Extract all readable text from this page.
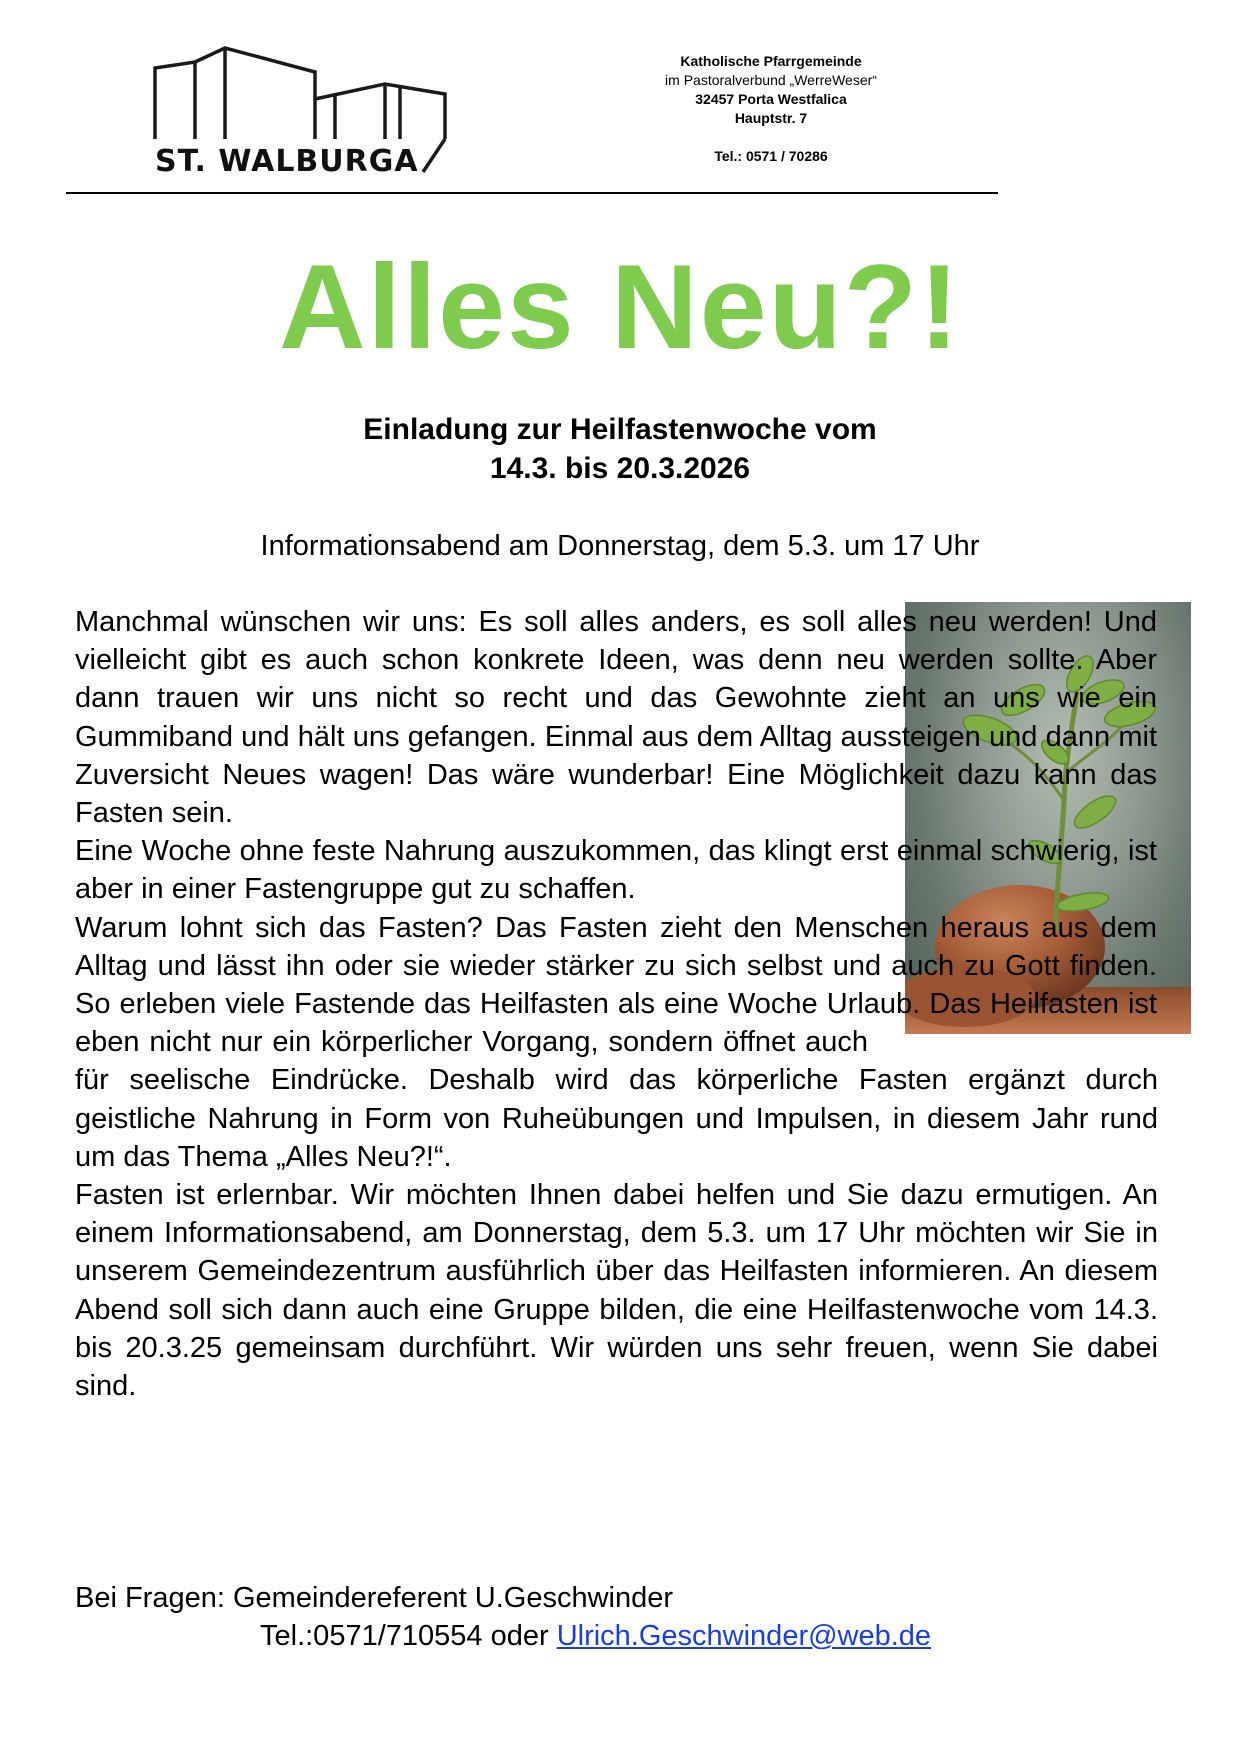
ST. WALBURGA
Katholische Pfarrgemeinde
im Pastoralverbund „WerreWeser“
32457 Porta Westfalica
Hauptstr. 7
Tel.: 0571 / 70286
Alles Neu?!
Einladung zur Heilfastenwoche vom
14.3. bis 20.3.2026
Informationsabend am Donnerstag, dem 5.3. um 17 Uhr

Manchmal wünschen wir uns: Es soll alles anders, es soll alles neu werden! Und vielleicht gibt es auch schon konkrete Ideen, was denn neu werden sollte. Aber dann trauen wir uns nicht so recht und das Gewohnte zieht an uns wie ein Gummiband und hält uns gefangen. Einmal aus dem Alltag aussteigen und dann mit Zuversicht Neues wagen! Das wäre wunderbar! Eine Möglichkeit dazu kann das Fasten sein.

Eine Woche ohne feste Nahrung auszukommen, das klingt erst einmal schwierig, ist aber in einer Fastengruppe gut zu schaffen.

Warum lohnt sich das Fasten? Das Fasten zieht den Menschen heraus aus dem Alltag und lässt ihn oder sie wieder stärker zu sich selbst und auch zu Gott finden. So erleben viele Fastende das Heilfasten als eine Woche Urlaub. Das Heilfasten ist eben nicht nur ein körperlicher Vorgang, sondern öffnet auch für seelische Eindrücke. Deshalb wird das körperliche Fasten ergänzt durch geistliche Nahrung in Form von Ruheübungen und Impulsen, in diesem Jahr rund um das Thema „Alles Neu?!“.

Fasten ist erlernbar. Wir möchten Ihnen dabei helfen und Sie dazu ermutigen. An einem Informationsabend, am Donnerstag, dem 5.3. um 17 Uhr möchten wir Sie in unserem Gemeindezentrum ausführlich über das Heilfasten informieren. An diesem Abend soll sich dann auch eine Gruppe bilden, die eine Heilfastenwoche vom 14.3. bis 20.3.25 gemeinsam durchführt. Wir würden uns sehr freuen, wenn Sie dabei sind.

Bei Fragen: Gemeindereferent U.Geschwinder
Tel.:0571/710554 oder Ulrich.Geschwinder@web.de
